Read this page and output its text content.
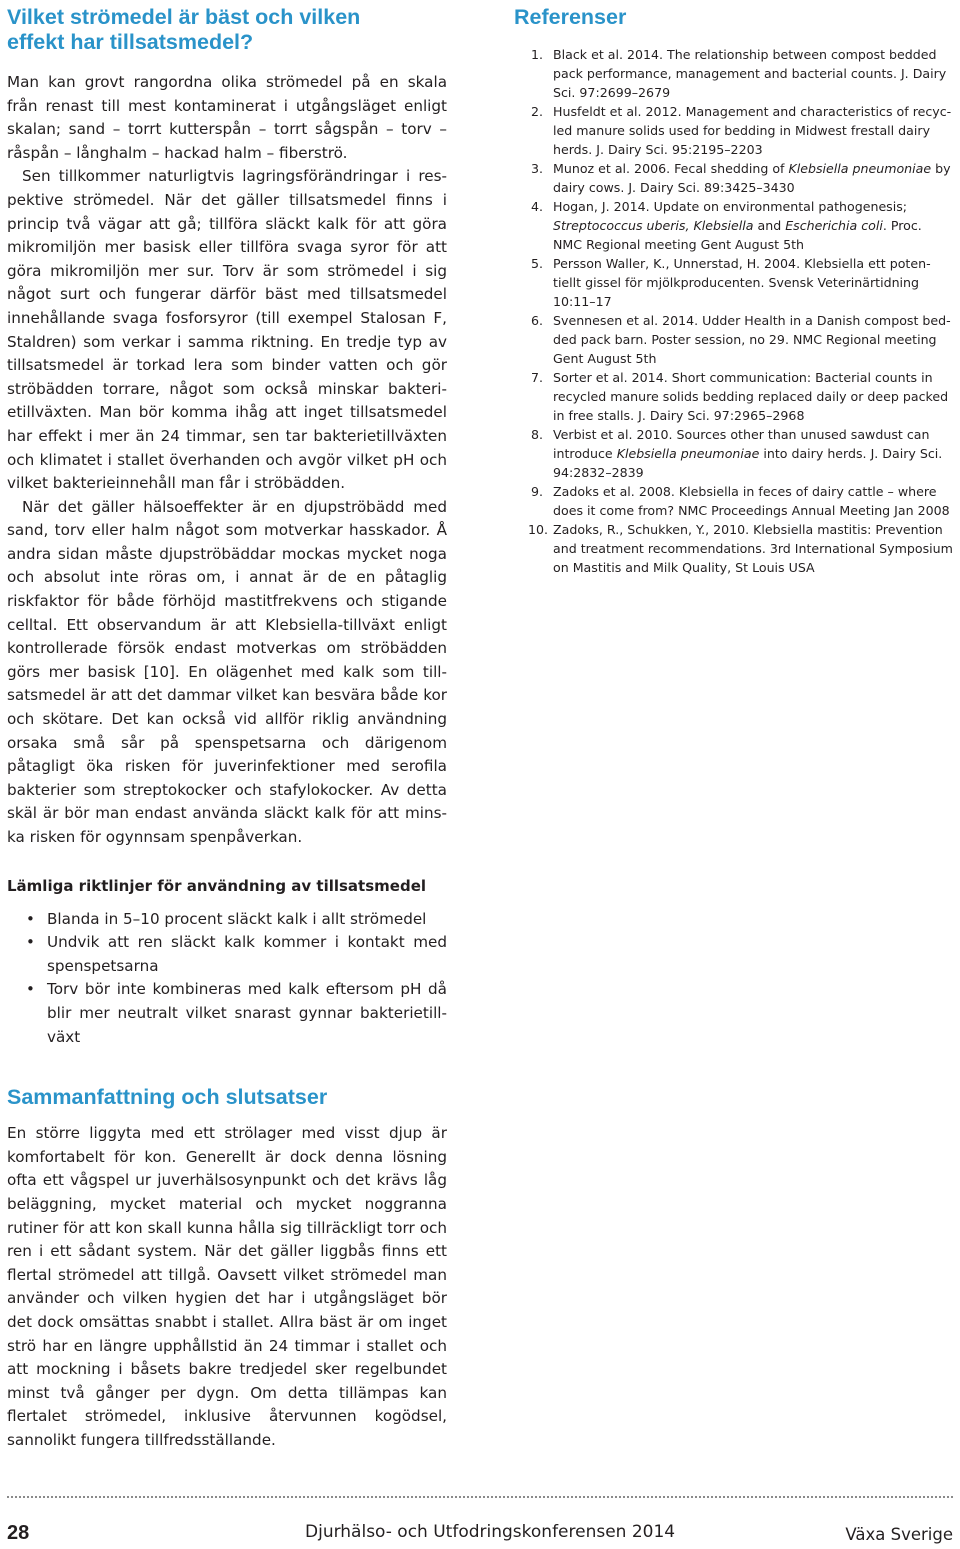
Vilket strömedel är bäst och vilken
effekt har tillsatsmedel?

Man kan grovt rangordna olika strömedel på en skala från renast till mest kontaminerat i utgångsläget enligt skalan; sand – torrt kutterspån – torrt sågspån – torv – råspån – långhalm – hackad halm – fiberströ.

Sen tillkommer naturligtvis lagringsförändringar i respektive strömedel. När det gäller tillsatsmedel finns i princip två vägar att gå; tillföra släckt kalk för att göra mikromiljön mer basisk eller tillföra svaga syror för att göra mikromiljön mer sur. Torv är som strömedel i sig något surt och fungerar därför bäst med tillsatsmedel innehållande svaga fosforsyror (till exempel Stalosan F, Staldren) som verkar i samma riktning. En tredje typ av tillsatsmedel är torkad lera som binder vatten och gör ströbädden torrare, något som också minskar bakterietillväxten. Man bör komma ihåg att inget tillsatsmedel har effekt i mer än 24 timmar, sen tar bakterietillväxten och klimatet i stallet överhanden och avgör vilket pH och vilket bakterieinnehåll man får i ströbädden.

När det gäller hälsoeffekter är en djupströbädd med sand, torv eller halm något som motverkar hasskador. Å andra sidan måste djupströbäddar mockas mycket noga och absolut inte röras om, i annat är de en påtaglig riskfaktor för både förhöjd mastitfrekvens och stigande celltal. Ett observandum är att Klebsiella-tillväxt enligt kontrollerade försök endast motverkas om ströbädden görs mer basisk [10]. En olägenhet med kalk som tillsatsmedel är att det dammar vilket kan besvära både kor och skötare. Det kan också vid allför riklig användning orsaka små sår på spenspetsarna och därigenom påtagligt öka risken för juverinfektioner med serofila bakterier som streptokocker och stafylokocker. Av detta skäl är bör man endast använda släckt kalk för att minska risken för ogynnsam spenpåverkan.

Lämliga riktlinjer för användning av tillsatsmedel

• Blanda in 5–10 procent släckt kalk i allt strömedel
• Undvik att ren släckt kalk kommer i kontakt med spenspetsarna
• Torv bör inte kombineras med kalk eftersom pH då blir mer neutralt vilket snarast gynnar bakterietillväxt
Sammanfattning och slutsatser

En större liggyta med ett strölager med visst djup är komfortabelt för kon. Generellt är dock denna lösning ofta ett vågspel ur juverhälsosynpunkt och det krävs låg beläggning, mycket material och mycket noggranna rutiner för att kon skall kunna hålla sig tillräckligt torr och ren i ett sådant system. När det gäller liggbås finns ett flertal strömedel att tillgå. Oavsett vilket strömedel man använder och vilken hygien det har i utgångsläget bör det dock omsättas snabbt i stallet. Allra bäst är om inget strö har en längre upphållstid än 24 timmar i stallet och att mockning i båsets bakre tredjedel sker regelbundet minst två gånger per dygn. Om detta tillämpas kan flertalet strömedel, inklusive återvunnen kogödsel, sannolikt fungera tillfredsställande.

Referenser
1. Black et al. 2014. The relationship between compost bedded pack performance, management and bacterial counts. J. Dairy Sci. 97:2699–2679
2. Husfeldt et al. 2012. Management and characteristics of recycled manure solids used for bedding in Midwest frestall dairy herds. J. Dairy Sci. 95:2195–2203
3. Munoz et al. 2006. Fecal shedding of Klebsiella pneumoniae by dairy cows. J. Dairy Sci. 89:3425–3430
4. Hogan, J. 2014. Update on environmental pathogenesis; Streptococcus uberis, Klebsiella and Escherichia coli. Proc. NMC Regional meeting Gent August 5th
5. Persson Waller, K., Unnerstad, H. 2004. Klebsiella ett potentiellt gissel för mjölkproducenten. Svensk Veterinärtidning 10:11–17
6. Svennesen et al. 2014. Udder Health in a Danish compost bedded pack barn. Poster session, no 29. NMC Regional meeting Gent August 5th
7. Sorter et al. 2014. Short communication: Bacterial counts in recycled manure solids bedding replaced daily or deep packed in free stalls. J. Dairy Sci. 97:2965–2968
8. Verbist et al. 2010. Sources other than unused sawdust can introduce Klebsiella pneumoniae into dairy herds. J. Dairy Sci. 94:2832–2839
9. Zadoks et al. 2008. Klebsiella in feces of dairy cattle – where does it come from? NMC Proceedings Annual Meeting Jan 2008
10. Zadoks, R., Schukken, Y., 2010. Klebsiella mastitis: Prevention and treatment recommendations. 3rd International Symposium on Mastitis and Milk Quality, St Louis USA
28	Djurhälso- och Utfodringskonferensen 2014	Växa Sverige
